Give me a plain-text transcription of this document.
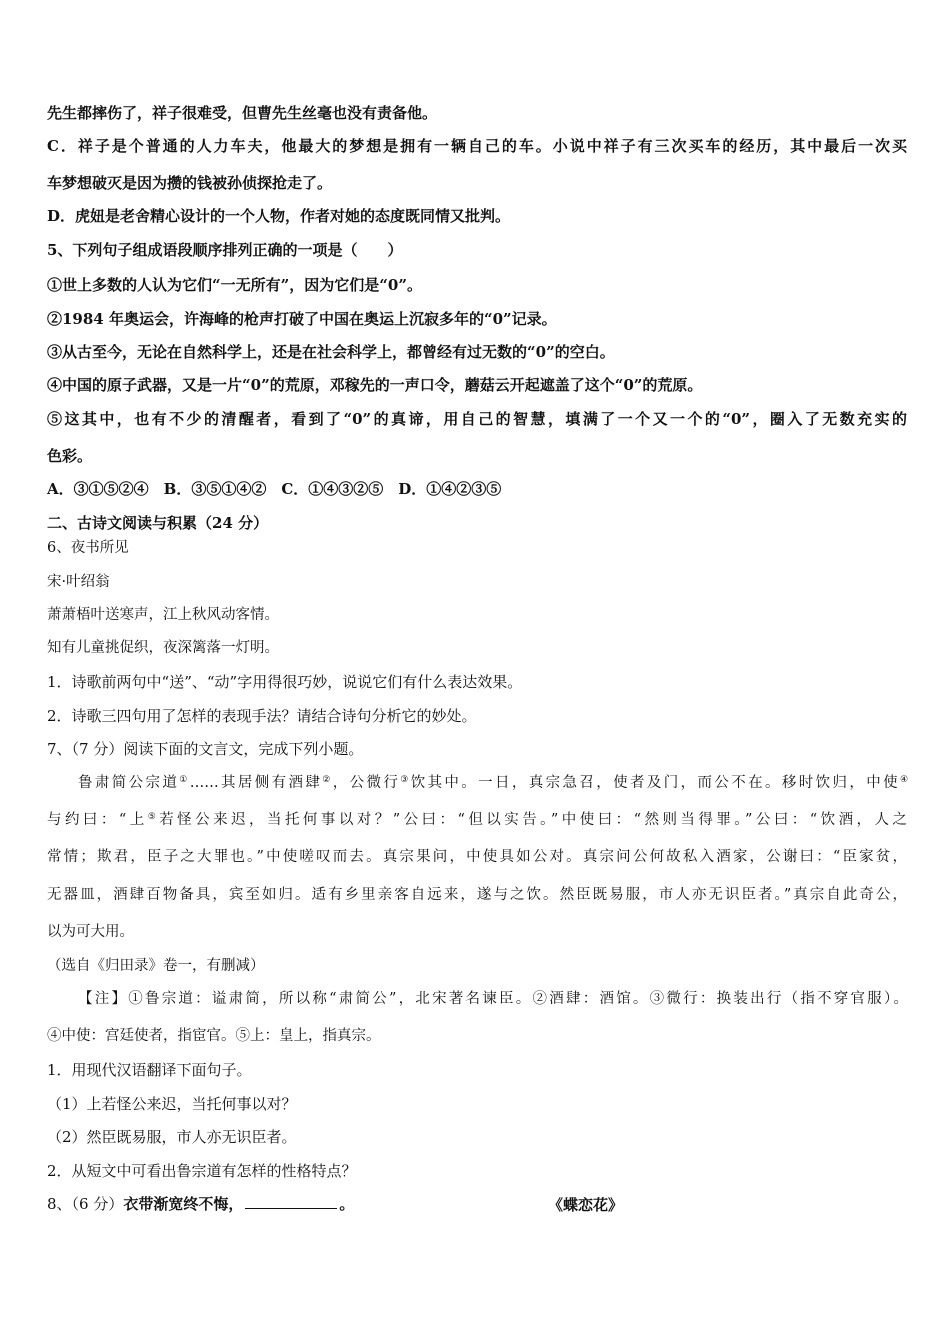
先生都摔伤了，祥子很难受，但曹先生丝毫也没有责备他。
C．祥子是个普通的人力车夫，他最大的梦想是拥有一辆自己的车。小说中祥子有三次买车的经历，其中最后一次买
车梦想破灭是因为攒的钱被孙侦探抢走了。
D．虎妞是老舍精心设计的一个人物，作者对她的态度既同情又批判。
5、下列句子组成语段顺序排列正确的一项是（　　）
①世上多数的人认为它们“一无所有”，因为它们是“0”。
②1984 年奥运会，许海峰的枪声打破了中国在奥运上沉寂多年的“0”记录。
③从古至今，无论在自然科学上，还是在社会科学上，都曾经有过无数的“0”的空白。
④中国的原子武器，又是一片“0”的荒原，邓稼先的一声口令，蘑菇云开起遮盖了这个“0”的荒原。
⑤这其中，也有不少的清醒者，看到了“0”的真谛，用自己的智慧，填满了一个又一个的“0”，圈入了无数充实的
色彩。
A．③①⑤②④　B．③⑤①④②　C．①④③②⑤　D．①④②③⑤
二、古诗文阅读与积累（24 分）
6、夜书所见
宋·叶绍翁
萧萧梧叶送寒声，江上秋风动客情。
知有儿童挑促织，夜深篱落一灯明。
1．诗歌前两句中“送”、“动”字用得很巧妙，说说它们有什么表达效果。
2．诗歌三四句用了怎样的表现手法？请结合诗句分析它的妙处。
7、（7 分）阅读下面的文言文，完成下列小题。
鲁肃简公宗道①……其居侧有酒肆②，公微行③饮其中。一日，真宗急召，使者及门，而公不在。移时饮归，中使④
与约曰：“上⑤若怪公来迟，当托何事以对？”公曰：“但以实告。”中使曰：“然则当得罪。”公曰：“饮酒，人之
常情；欺君，臣子之大罪也。”中使嗟叹而去。真宗果问，中使具如公对。真宗问公何故私入酒家，公谢曰：“臣家贫，
无器皿，酒肆百物备具，宾至如归。适有乡里亲客自远来，遂与之饮。然臣既易服，市人亦无识臣者。”真宗自此奇公，
以为可大用。
（选自《归田录》卷一，有删减）
【注】①鲁宗道：谥肃简，所以称“肃简公”，北宋著名谏臣。②酒肆：酒馆。③微行：换装出行（指不穿官服）。
④中使：宫廷使者，指宦官。⑤上：皇上，指真宗。
1．用现代汉语翻译下面句子。
（1）上若怪公来迟，当托何事以对？
（2）然臣既易服，市人亦无识臣者。
2．从短文中可看出鲁宗道有怎样的性格特点？
8、（6 分）衣带渐宽终不悔，	。	《蝶恋花》
